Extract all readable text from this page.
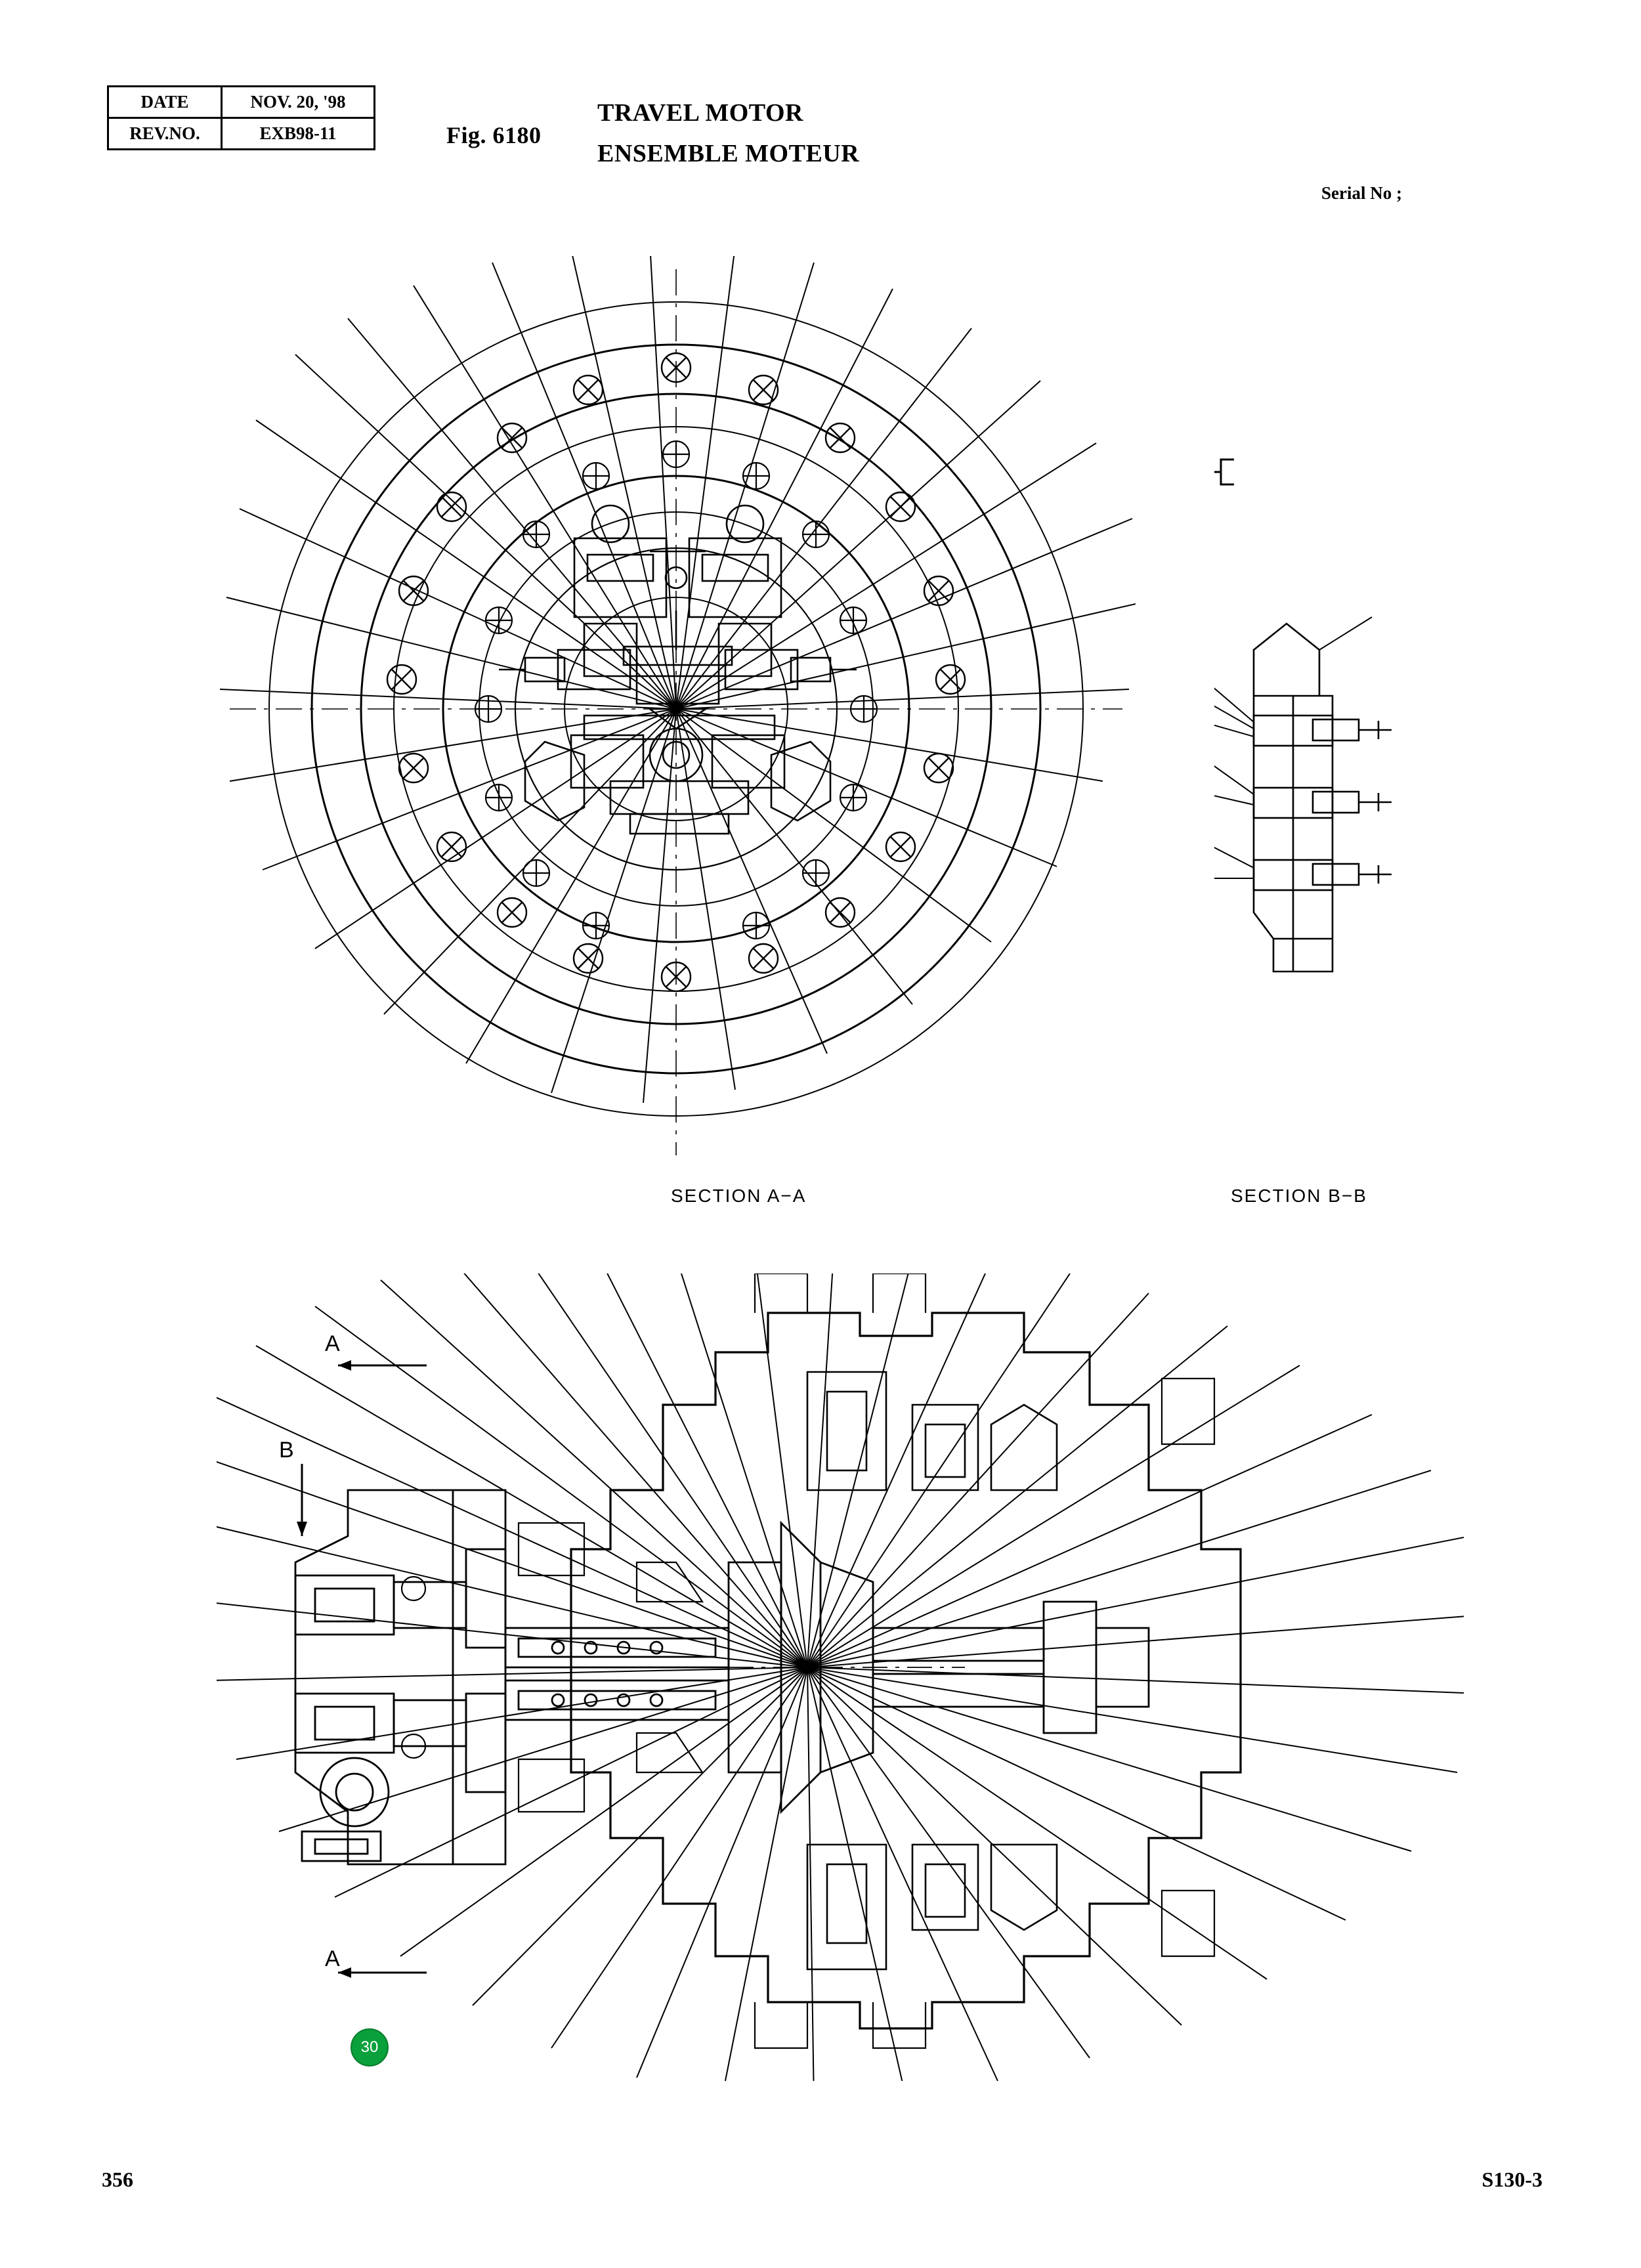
DATE	NOV. 20, '98
REV.NO.	EXB98-11	Fig. 6180
TRAVEL MOTOR
ENSEMBLE MOTEUR
Serial No ;
SECTION A−A	SECTION B−B
A
B
A
30
356	S130-3
